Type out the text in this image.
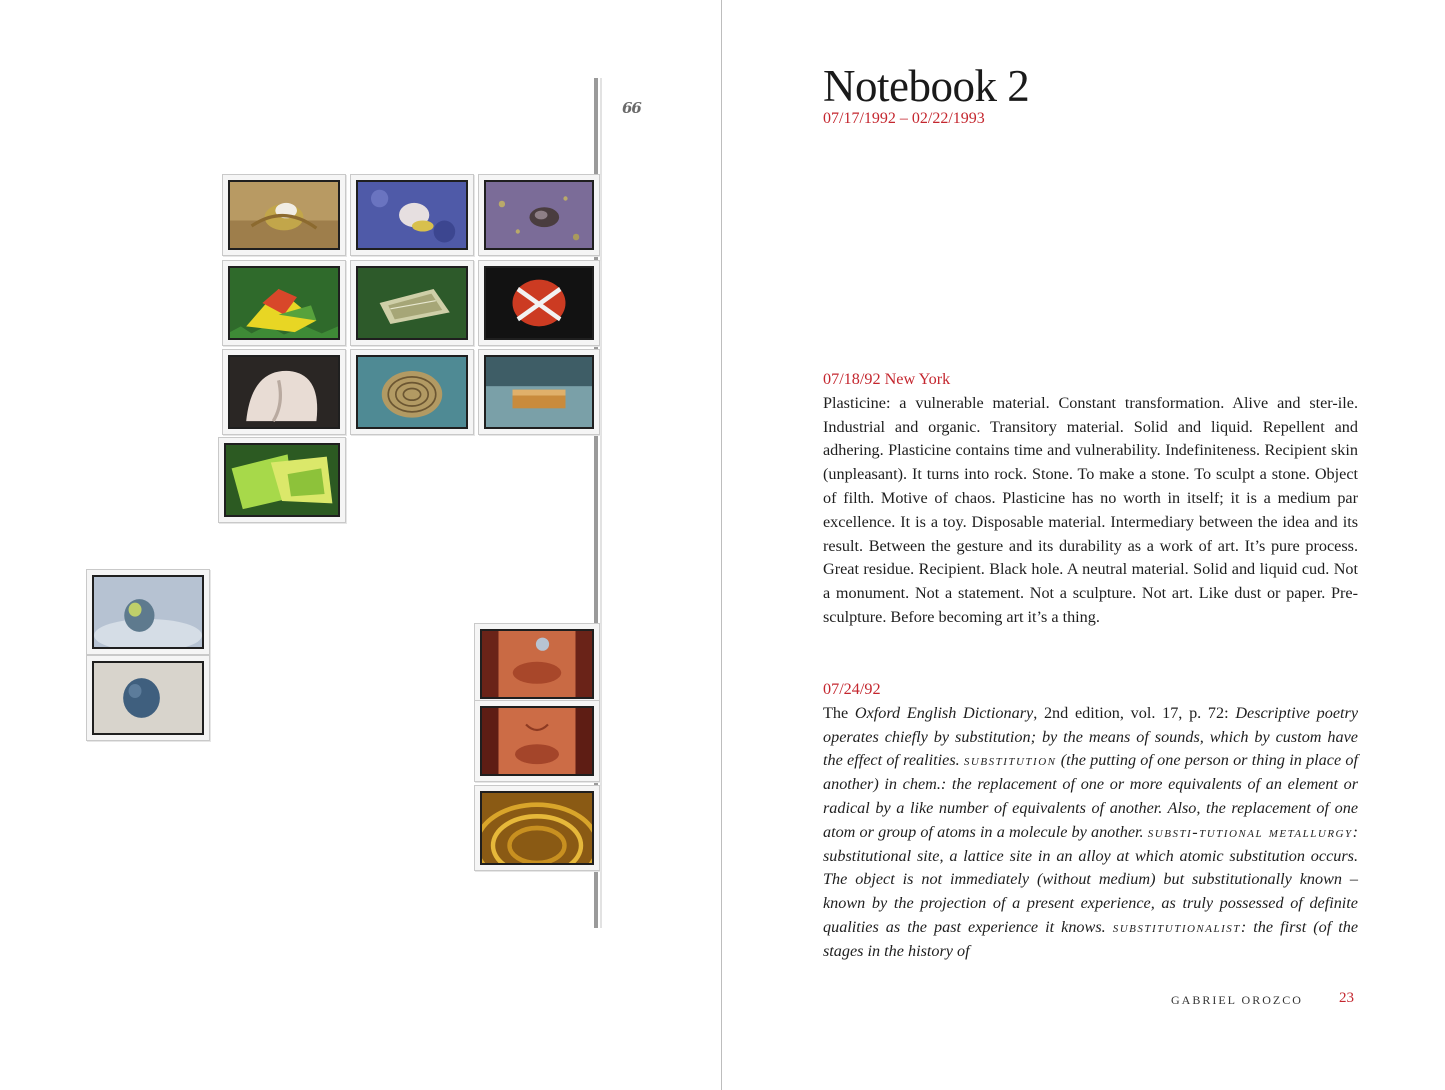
66	Notebook 2
07/17/1992 – 02/22/1993
07/18/92 New York
Plasticine: a vulnerable material. Constant transformation. Alive and ster-ile. Industrial and organic. Transitory material. Solid and liquid. Repellent and adhering. Plasticine contains time and vulnerability. Indefiniteness. Recipient skin (unpleasant). It turns into rock. Stone. To make a stone. To sculpt a stone. Object of filth. Motive of chaos. Plasticine has no worth in itself; it is a medium par excellence. It is a toy. Disposable material. Intermediary between the idea and its result. Between the gesture and its durability as a work of art. It’s pure process. Great residue. Recipient. Black hole. A neutral material. Solid and liquid cud. Not a monument. Not a statement. Not a sculpture. Not art. Like dust or paper. Pre-sculpture. Before becoming art it’s a thing.
07/24/92
The Oxford English Dictionary, 2nd edition, vol. 17, p. 72: Descriptive poetry operates chiefly by substitution; by the means of sounds, which by custom have the effect of realities. substitution (the putting of one person or thing in place of another) in chem.: the replacement of one or more equivalents of an element or radical by a like number of equivalents of another. Also, the replacement of one atom or group of atoms in a molecule by another. substi-tutional metallurgy: substitutional site, a lattice site in an alloy at which atomic substitution occurs. The object is not immediately (without medium) but substitutionally known –known by the projection of a present experience, as truly possessed of definite qualities as the past experience it knows. substitutionalist: the first (of the stages in the history of
GABRIEL OROZCO 23
